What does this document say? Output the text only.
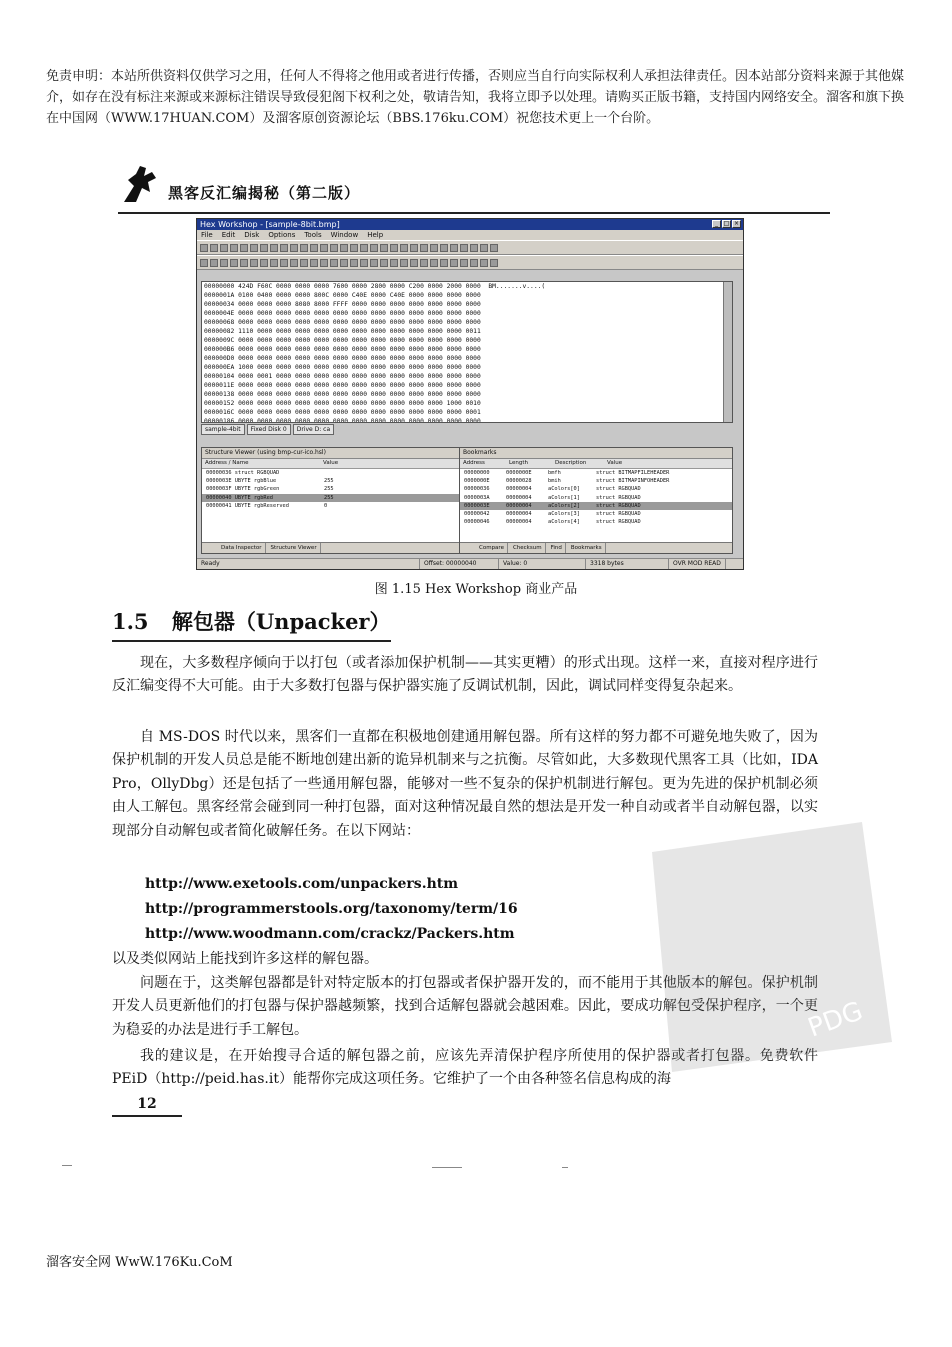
免责申明：本站所供资料仅供学习之用，任何人不得将之他用或者进行传播，否则应当自行向实际权利人承担法律责任。因本站部分资料来源于其他媒介，如存在没有标注来源或来源标注错误导致侵犯阁下权利之处，敬请告知，我将立即予以处理。请购买正版书籍，支持国内网络安全。溜客和旗下换在中国网（WWW.17HUAN.COM）及溜客原创资源论坛（BBS.176ku.COM）祝您技术更上一个台阶。
黑客反汇编揭秘（第二版）
Hex Workshop - [sample-8bit.bmp]	_ □ ×
File Edit Disk Options Tools Window Help
00000000 424D F60C 0000 0000 0000 7600 0000 2800 0000 C200 0000 2000 0000  BM.......v....(
0000001A 0100 0400 0000 0000 800C 0000 C40E 0000 C40E 0000 0000 0000 0000
00000034 0000 0000 0000 8080 8000 FFFF 0000 0000 0000 0000 0000 0000 0000
0000004E 0000 0000 0000 0000 0000 0000 0000 0000 0000 0000 0000 0000 0000
00000068 0000 0000 0000 0000 0000 0000 0000 0000 0000 0000 0000 0000 0000
00000082 1110 0000 0000 0000 0000 0000 0000 0000 0000 0000 0000 0000 0011
0000009C 0000 0000 0000 0000 0000 0000 0000 0000 0000 0000 0000 0000 0000
000000B6 0000 0000 0000 0000 0000 0000 0000 0000 0000 0000 0000 0000 0000
000000D0 0000 0000 0000 0000 0000 0000 0000 0000 0000 0000 0000 0000 0000
000000EA 1000 0000 0000 0000 0000 0000 0000 0000 0000 0000 0000 0000 0000
00000104 0000 0001 0000 0000 0000 0000 0000 0000 0000 0000 0000 0000 0000
0000011E 0000 0000 0000 0000 0000 0000 0000 0000 0000 0000 0000 0000 0000
00000138 0000 0000 0000 0000 0000 0000 0000 0000 0000 0000 0000 0000 0000
00000152 0000 0000 0000 0000 0000 0000 0000 0000 0000 0000 0000 1000 0010
0000016C 0000 0000 0000 0000 0000 0000 0000 0000 0000 0000 0000 0000 0001
00000186 0000 0000 0000 0000 0000 0000 0000 0000 0000 0000 0000 0000 0000
sample-4bit	Fixed Disk 0	Drive D: ca
Structure Viewer (using bmp-cur-ico.hsl)
Address / Name	Value
00000036 struct RGBQUAD
0000003E UBYTE rgbBlue	255
0000003F UBYTE rgbGreen	255
00000040 UBYTE rgbRed	255
00000041 UBYTE rgbReserved	0
Data Inspector	Structure Viewer
Bookmarks
Address	Length	Description	Value
00000000	0000000E	bmfh	struct BITMAPFILEHEADER
0000000E	00000028	bmih	struct BITMAPINFOHEADER
00000036	00000004	aColors[0]	struct RGBQUAD
0000003A	00000004	aColors[1]	struct RGBQUAD
0000003E	00000004	aColors[2]	struct RGBQUAD
00000042	00000004	aColors[3]	struct RGBQUAD
00000046	00000004	aColors[4]	struct RGBQUAD
Compare	Checksum	Find	Bookmarks
Ready	Offset: 00000040	Value: 0	3318 bytes	OVR MOD READ
图 1.15 Hex Workshop 商业产品
1.5 解包器（Unpacker）
现在，大多数程序倾向于以打包（或者添加保护机制——其实更糟）的形式出现。这样一来，直接对程序进行反汇编变得不大可能。由于大多数打包器与保护器实施了反调试机制，因此，调试同样变得复杂起来。
自 MS-DOS 时代以来，黑客们一直都在积极地创建通用解包器。所有这样的努力都不可避免地失败了，因为保护机制的开发人员总是能不断地创建出新的诡异机制来与之抗衡。尽管如此，大多数现代黑客工具（比如，IDA Pro，OllyDbg）还是包括了一些通用解包器，能够对一些不复杂的保护机制进行解包。更为先进的保护机制必须由人工解包。黑客经常会碰到同一种打包器，面对这种情况最自然的想法是开发一种自动或者半自动解包器，以实现部分自动解包或者简化破解任务。在以下网站：
http://www.exetools.com/unpackers.htm
http://programmerstools.org/taxonomy/term/16
http://www.woodmann.com/crackz/Packers.htm
以及类似网站上能找到许多这样的解包器。
问题在于，这类解包器都是针对特定版本的打包器或者保护器开发的，而不能用于其他版本的解包。保护机制开发人员更新他们的打包器与保护器越频繁，找到合适解包器就会越困难。因此，要成功解包受保护程序，一个更为稳妥的办法是进行手工解包。
我的建议是，在开始搜寻合适的解包器之前，应该先弄清保护程序所使用的保护器或者打包器。免费软件 PEiD（http://peid.has.it）能帮你完成这项任务。它维护了一个由各种签名信息构成的海
12
PDG
溜客安全网 WwW.176Ku.CoM
